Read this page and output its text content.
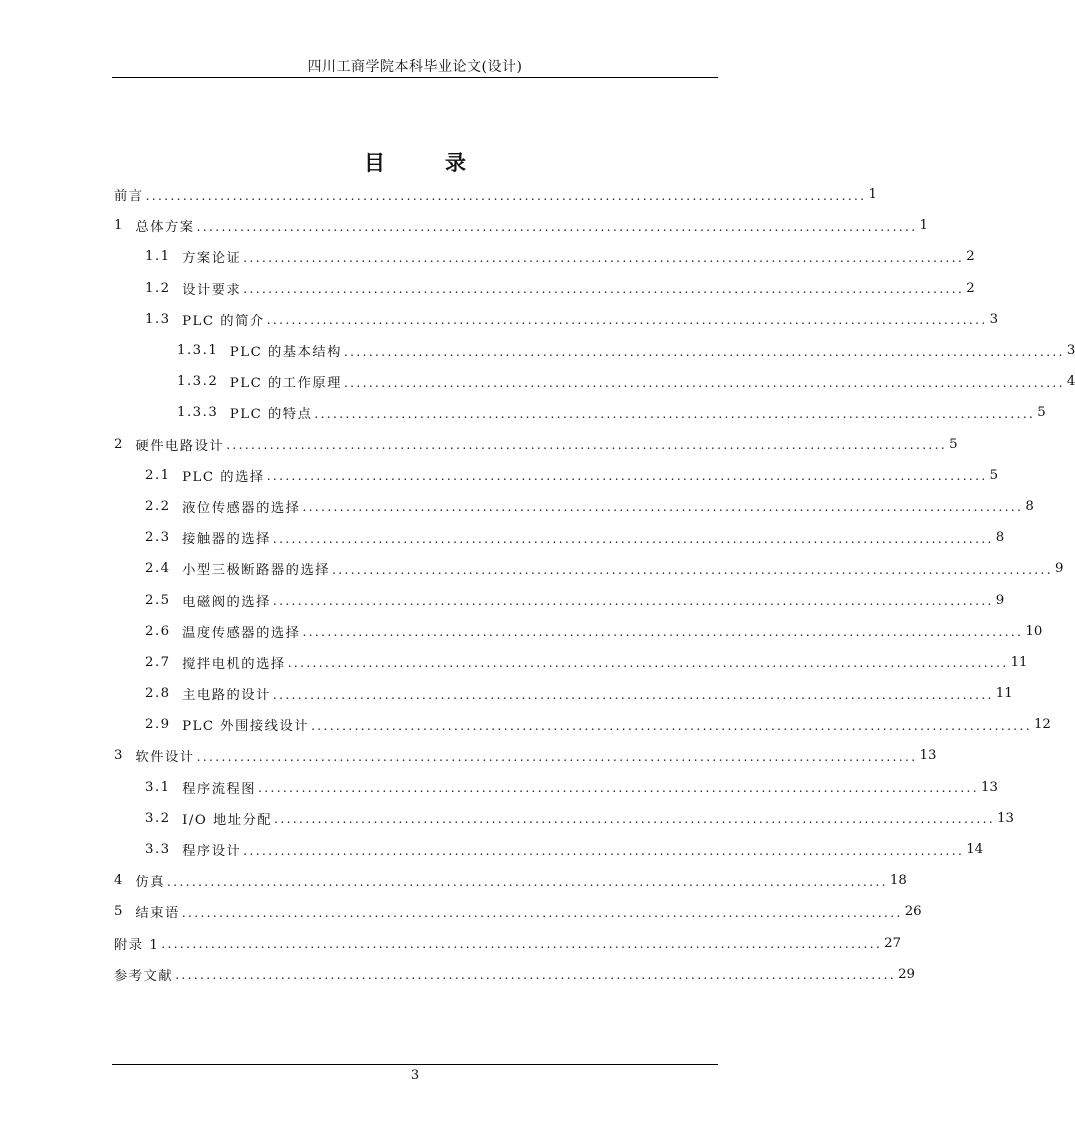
四川工商学院本科毕业论文(设计)
目	录
前言 .................................................................................................................... 1
1 总体方案 .................................................................................................................... 1
1.1 方案论证 .................................................................................................................... 2
1.2 设计要求 .................................................................................................................... 2
1.3 PLC 的简介 .................................................................................................................... 3
1.3.1 PLC 的基本结构 .................................................................................................................... 3
1.3.2 PLC 的工作原理 .................................................................................................................... 4
1.3.3 PLC 的特点 .................................................................................................................... 5
2 硬件电路设计 .................................................................................................................... 5
2.1 PLC 的选择 .................................................................................................................... 5
2.2 液位传感器的选择 .................................................................................................................... 8
2.3 接触器的选择 .................................................................................................................... 8
2.4 小型三极断路器的选择 .................................................................................................................... 9
2.5 电磁阀的选择 .................................................................................................................... 9
2.6 温度传感器的选择 .................................................................................................................... 10
2.7 搅拌电机的选择 .................................................................................................................... 11
2.8 主电路的设计 .................................................................................................................... 11
2.9 PLC 外围接线设计 .................................................................................................................... 12
3 软件设计 .................................................................................................................... 13
3.1 程序流程图 .................................................................................................................... 13
3.2 I/O 地址分配 .................................................................................................................... 13
3.3 程序设计 .................................................................................................................... 14
4 仿真 .................................................................................................................... 18
5 结束语 .................................................................................................................... 26
附录 1 .................................................................................................................... 27
参考文献 .................................................................................................................... 29
3
